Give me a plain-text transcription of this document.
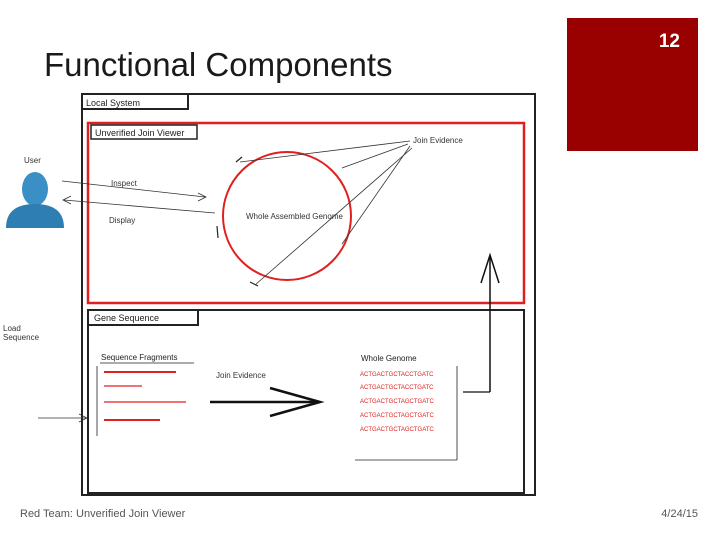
Functional Components
12
Local System
Unverified Join Viewer
Whole Assembled Genome
Join Evidence
User
Inspect
Display
Gene Sequence
Load
Sequence
Sequence Fragments
Join Evidence
Whole Genome
ACTGACTGCTACCTGATC
ACTGACTGCTACCTGATC
ACTGACTGCTAGCTGATC
ACTGACTGCTAGCTGATC
ACTGACTGCTAGCTGATC
Red Team: Unverified Join Viewer	4/24/15
